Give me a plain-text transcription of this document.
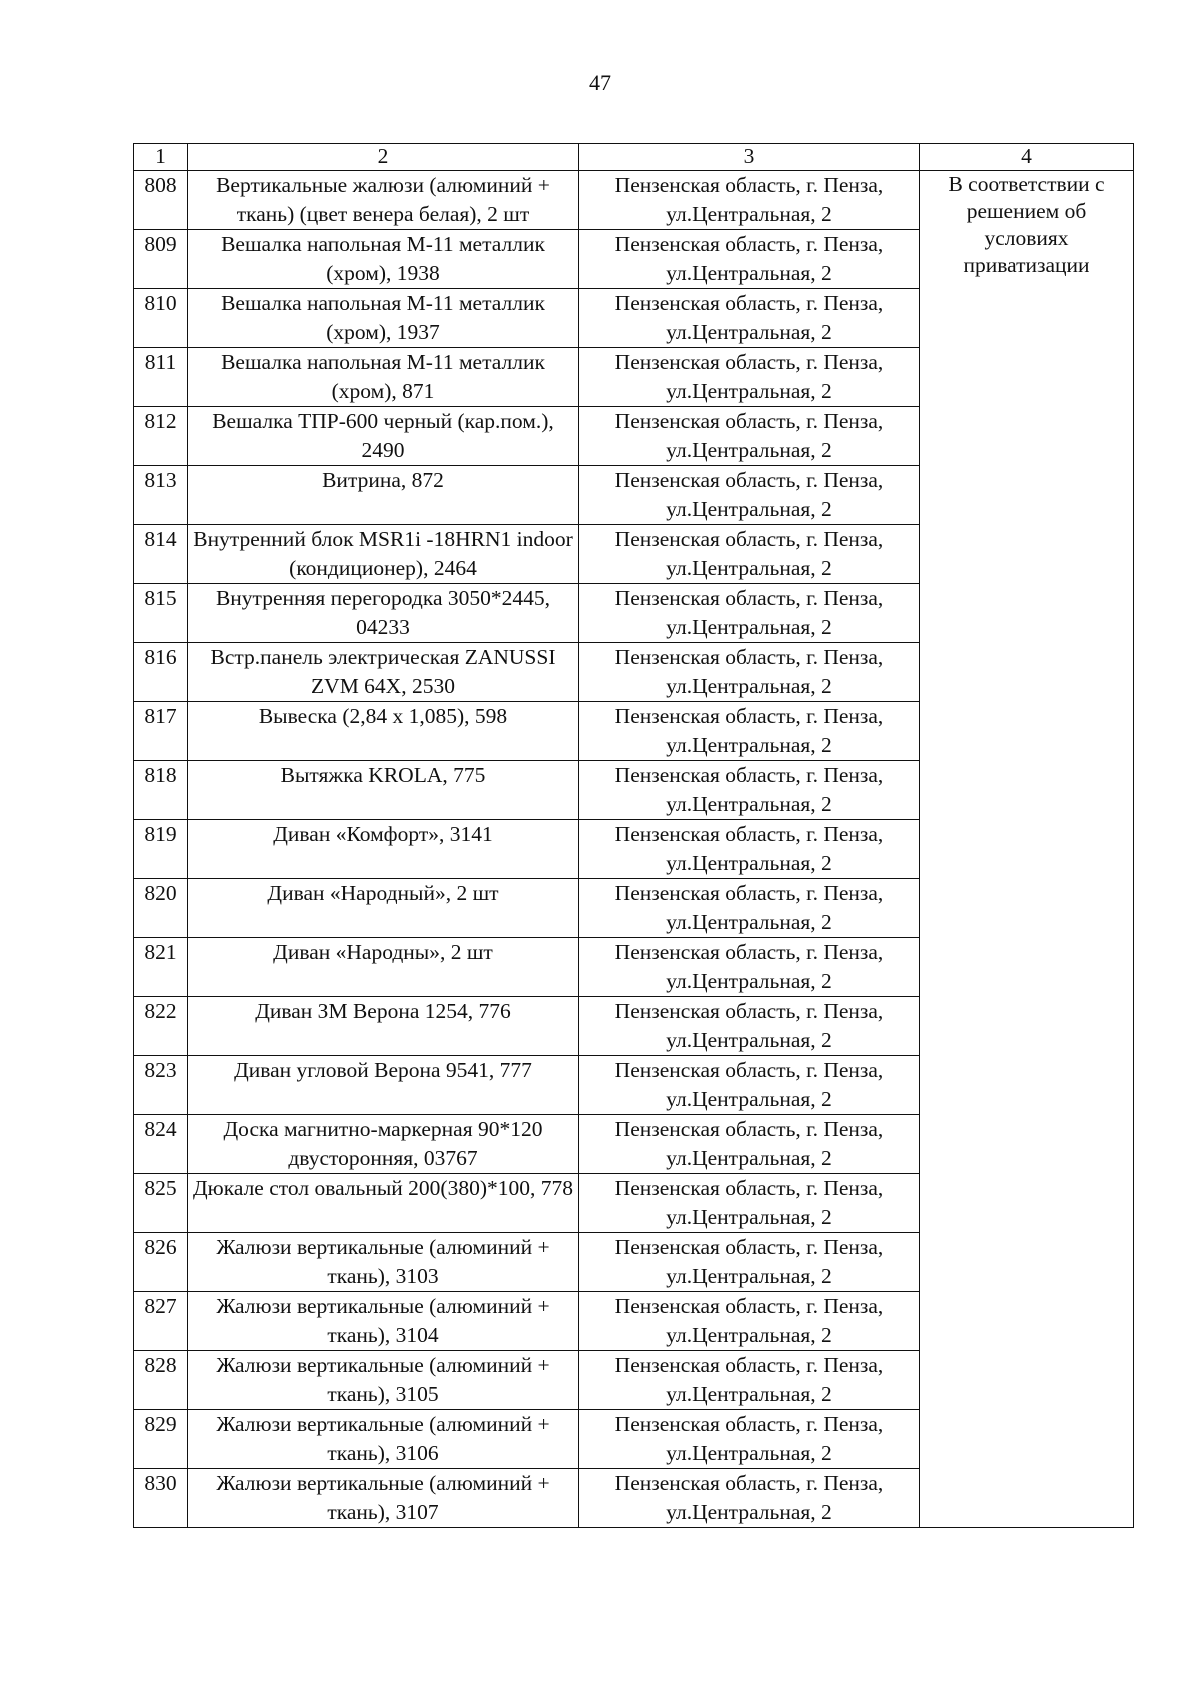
47
1	2	3	4
808	Вертикальные жалюзи (алюминий + ткань) (цвет венера белая), 2 шт	Пензенская область, г. Пенза, ул.Центральная, 2	В соответствии с решением об условиях приватизации
809	Вешалка напольная М-11 металлик (хром), 1938	Пензенская область, г. Пенза, ул.Центральная, 2	
810	Вешалка напольная М-11 металлик (хром), 1937	Пензенская область, г. Пенза, ул.Центральная, 2	
811	Вешалка напольная М-11 металлик (хром), 871	Пензенская область, г. Пенза, ул.Центральная, 2	
812	Вешалка ТПР-600 черный (кар.пом.), 2490	Пензенская область, г. Пенза, ул.Центральная, 2	
813	Витрина, 872	Пензенская область, г. Пенза, ул.Центральная, 2	
814	Внутренний блок MSR1i -18HRN1 indoor (кондиционер), 2464	Пензенская область, г. Пенза, ул.Центральная, 2	
815	Внутренняя перегородка 3050*2445, 04233	Пензенская область, г. Пенза, ул.Центральная, 2	
816	Встр.панель электрическая ZANUSSI ZVM 64X, 2530	Пензенская область, г. Пенза, ул.Центральная, 2	
817	Вывеска (2,84 х 1,085), 598	Пензенская область, г. Пенза, ул.Центральная, 2	
818	Вытяжка KROLA, 775	Пензенская область, г. Пенза, ул.Центральная, 2	
819	Диван «Комфорт», 3141	Пензенская область, г. Пенза, ул.Центральная, 2	
820	Диван «Народный», 2 шт	Пензенская область, г. Пенза, ул.Центральная, 2	
821	Диван «Народны», 2 шт	Пензенская область, г. Пенза, ул.Центральная, 2	
822	Диван ЗМ Верона 1254, 776	Пензенская область, г. Пенза, ул.Центральная, 2	
823	Диван угловой Верона 9541, 777	Пензенская область, г. Пенза, ул.Центральная, 2	
824	Доска магнитно-маркерная 90*120 двусторонняя, 03767	Пензенская область, г. Пенза, ул.Центральная, 2	
825	Дюкале стол овальный 200(380)*100, 778	Пензенская область, г. Пенза, ул.Центральная, 2	
826	Жалюзи вертикальные (алюминий + ткань), 3103	Пензенская область, г. Пенза, ул.Центральная, 2	
827	Жалюзи вертикальные (алюминий + ткань), 3104	Пензенская область, г. Пенза, ул.Центральная, 2	
828	Жалюзи вертикальные (алюминий + ткань), 3105	Пензенская область, г. Пенза, ул.Центральная, 2	
829	Жалюзи вертикальные (алюминий + ткань), 3106	Пензенская область, г. Пенза, ул.Центральная, 2	
830	Жалюзи вертикальные (алюминий + ткань), 3107	Пензенская область, г. Пенза, ул.Центральная, 2	
